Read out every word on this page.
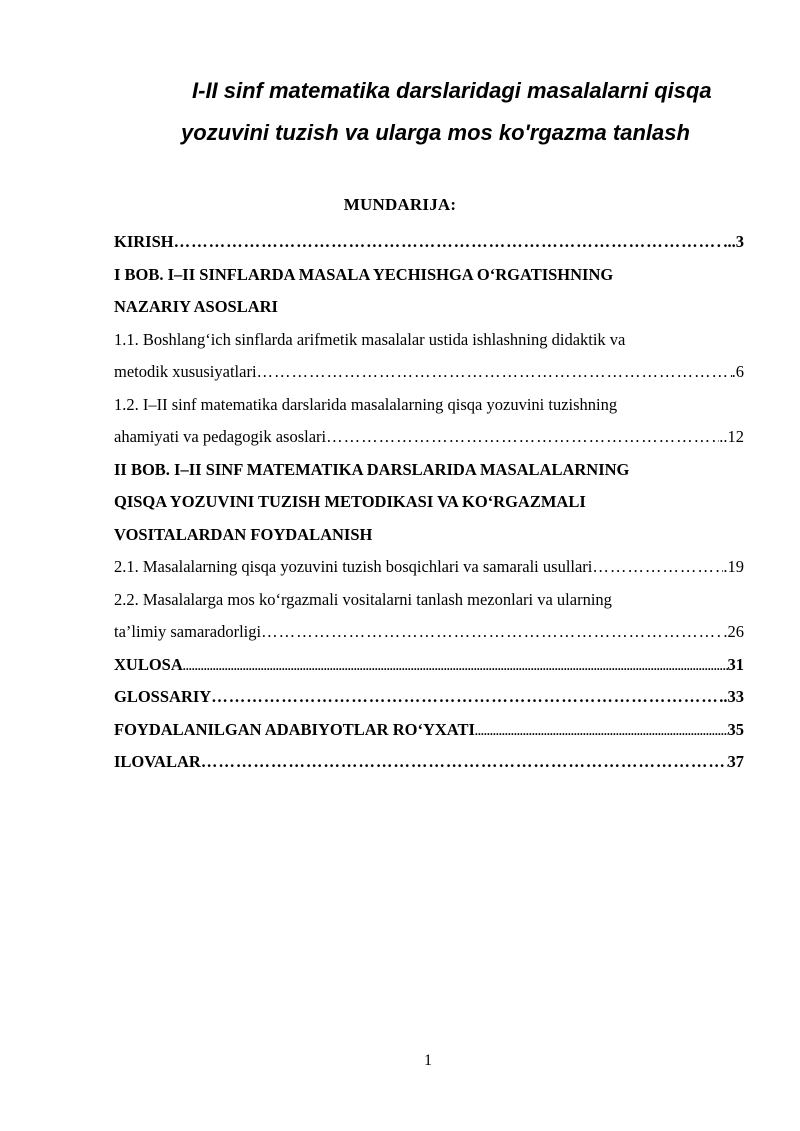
I-II sinf matematika darslaridagi masalalarni qisqa
yozuvini tuzish va ularga mos ko'rgazma tanlash
MUNDARIJA:
KIRISH ……………………………………………………………………………………………………………………………………………………………………………………	...3
I BOB. I–II SINFLARDA MASALA YECHISHGA O‘RGATISHNING
NAZARIY ASOSLARI
1.1. Boshlang‘ich sinflarda arifmetik masalalar ustida ishlashning didaktik va
metodik xususiyatlari ……………………………………………………………………………………………………………………………………………………………………………………	.6
1.2. I–II sinf matematika darslarida masalalarning qisqa yozuvini tuzishning
ahamiyati va pedagogik asoslari ……………………………………………………………………………………………………………………………………………………………………………………	..12
II BOB. I–II SINF MATEMATIKA DARSLARIDA MASALALARNING
QISQA YOZUVINI TUZISH METODIKASI VA KO‘RGAZMALI
VOSITALARDAN FOYDALANISH
2.1. Masalalarning qisqa yozuvini tuzish bosqichlari va samarali usullari ……………………………………………………………………………………………………………………………………………………………………………………	.19
2.2. Masalalarga mos ko‘rgazmali vositalarni tanlash mezonlari va ularning
ta’limiy samaradorligi ……………………………………………………………………………………………………………………………………………………………………………………	.26
XULOSA .....	31
GLOSSARIY ……………………………………………………………………………………………………………………………………………………………………………………	..33
FOYDALANILGAN ADABIYOTLAR RO‘YXATI .....	35
ILOVALAR ……………………………………………………………………………………………………………………………………………………………………………………	37
1
